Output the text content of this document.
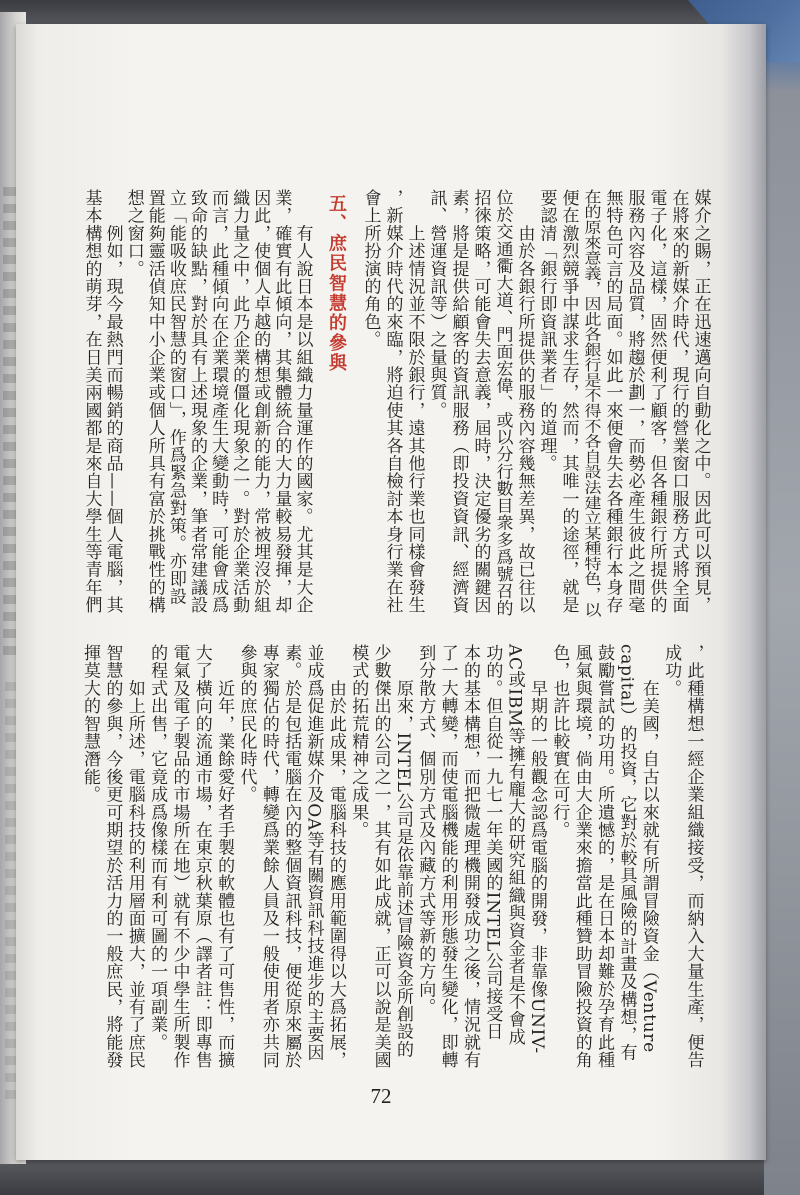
五、庶民智慧的參與
72
媒介之賜，正在迅速邁向自動化之中。因此可以預見，
在將來的新媒介時代，現行的營業窗口服務方式將全面
電子化，這樣，固然便利了顧客，但各種銀行所提供的
服務內容及品質，將趨於劃一，而勢必產生彼此之間毫
無特色可言的局面。如此一來便會失去各種銀行本身存
在的原來意義，因此各銀行是不得不各自設法建立某種特色，以
便在激烈競爭中謀求生存，然而，其唯一的途徑，就是
要認清「銀行即資訊業者」的道理。
　　由於各銀行所提供的服務內容幾無差異，故已往以
位於交通衢大道、門面宏偉、或以分行數目衆多爲號召的
招徠策略，可能會失去意義，屆時，決定優劣的關鍵因
素，將是提供給顧客的資訊服務（即投資資訊、經濟資
訊、營運資訊等）之量與質。
　　上述情況並不限於銀行，遠其他行業也同樣會發生
，新媒介時代的來臨，將迫使其各自檢討本身行業在社
會上所扮演的角色。
　　有人說日本是以組織力量運作的國家。尤其是大企
業，確實有此傾向，其集體統合的大力量較易發揮，却
因此，使個人卓越的構想或創新的能力，常被埋沒於組
織力量之中，此乃企業的僵化現象之一。對於企業活動
而言，此種傾向在企業環境產生大變動時，可能會成爲
致命的缺點，對於具有上述現象的企業，筆者常建議設
立「能吸收庶民智慧的窗口」，作爲緊急對策。亦即設
置能夠靈活偵知中小企業或個人所具有富於挑戰性的構
想之窗口。
　　例如，現今最熱門而暢銷的商品——個人電腦，其
基本構想的萌芽，在日美兩國都是來自大學生等青年們
，此種構想一經企業組織接受，而納入大量生產，便告
成功。
　　在美國，自古以來就有所謂冒險資金（Venture
capital）的投資，它對於較具風險的計畫及構想，有
鼓勵嘗試的功用。所遺憾的，是在日本却難於孕育此種
風氣與環境，倘由大企業來擔當此種贊助冒險投資的角
色，也許比較實在可行。
　　早期的一般觀念認爲電腦的開發，非靠像UNIV-
AC或IBM等擁有龐大的研究組織與資金者是不會成
功的。但自從一九七一年美國的INTEL公司接受日
本的基本構想，而把微處理機開發成功之後，情況就有
了一大轉變，而使電腦機能的利用形態發生變化，即轉
到分散方式、個別方式及內藏方式等新的方向。
　　原來，INTEL公司是依靠前述冒險資金所創設的
少數傑出的公司之一，其有如此成就，正可以說是美國
模式的拓荒精神之成果。
　　由於此成果，電腦科技的應用範圍得以大爲拓展，
並成爲促進新媒介及OA等有關資訊科技進步的主要因
素。於是包括電腦在內的整個資訊科技，便從原來屬於
專家獨佔的時代，轉變爲業餘人員及一般使用者亦共同
參與的庶民化時代。
　　近年，業餘愛好者手製的軟體也有了可售性，而擴
大了橫向的流通市場，在東京秋葉原（譯者註：即專售
電氣及電子製品的市場所在地）就有不少中學生所製作
的程式出售，它竟成爲像樣而有利可圖的一項副業。
　　如上所述，電腦科技的利用層面擴大，並有了庶民
智慧的參與，今後更可期望於活力的一般庶民，將能發
揮莫大的智慧潛能。
